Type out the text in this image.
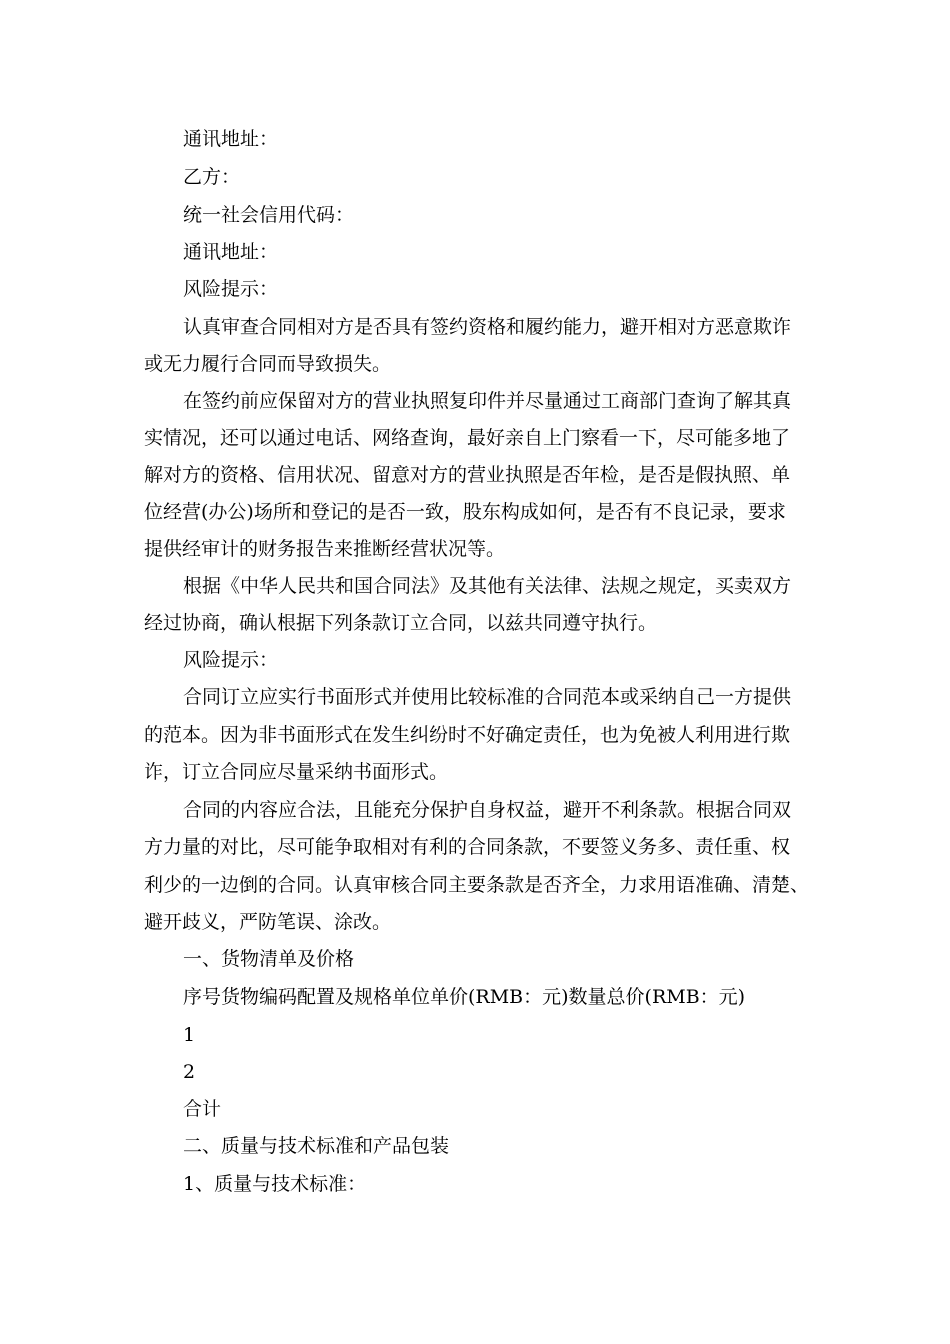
通讯地址：
乙方：
统一社会信用代码：
通讯地址：
风险提示：
认真审查合同相对方是否具有签约资格和履约能力，避开相对方恶意欺诈
或无力履行合同而导致损失。
在签约前应保留对方的营业执照复印件并尽量通过工商部门查询了解其真
实情况，还可以通过电话、网络查询，最好亲自上门察看一下，尽可能多地了
解对方的资格、信用状况、留意对方的营业执照是否年检，是否是假执照、单
位经营(办公)场所和登记的是否一致，股东构成如何，是否有不良记录，要求
提供经审计的财务报告来推断经营状况等。
根据《中华人民共和国合同法》及其他有关法律、法规之规定，买卖双方
经过协商，确认根据下列条款订立合同，以兹共同遵守执行。
风险提示：
合同订立应实行书面形式并使用比较标准的合同范本或采纳自己一方提供
的范本。因为非书面形式在发生纠纷时不好确定责任，也为免被人利用进行欺
诈，订立合同应尽量采纳书面形式。
合同的内容应合法，且能充分保护自身权益，避开不利条款。根据合同双
方力量的对比，尽可能争取相对有利的合同条款，不要签义务多、责任重、权
利少的一边倒的合同。认真审核合同主要条款是否齐全，力求用语准确、清楚、
避开歧义，严防笔误、涂改。
一、货物清单及价格
序号货物编码配置及规格单位单价(RMB：元)数量总价(RMB：元)
1
2
合计
二、质量与技术标准和产品包装
1、质量与技术标准：
